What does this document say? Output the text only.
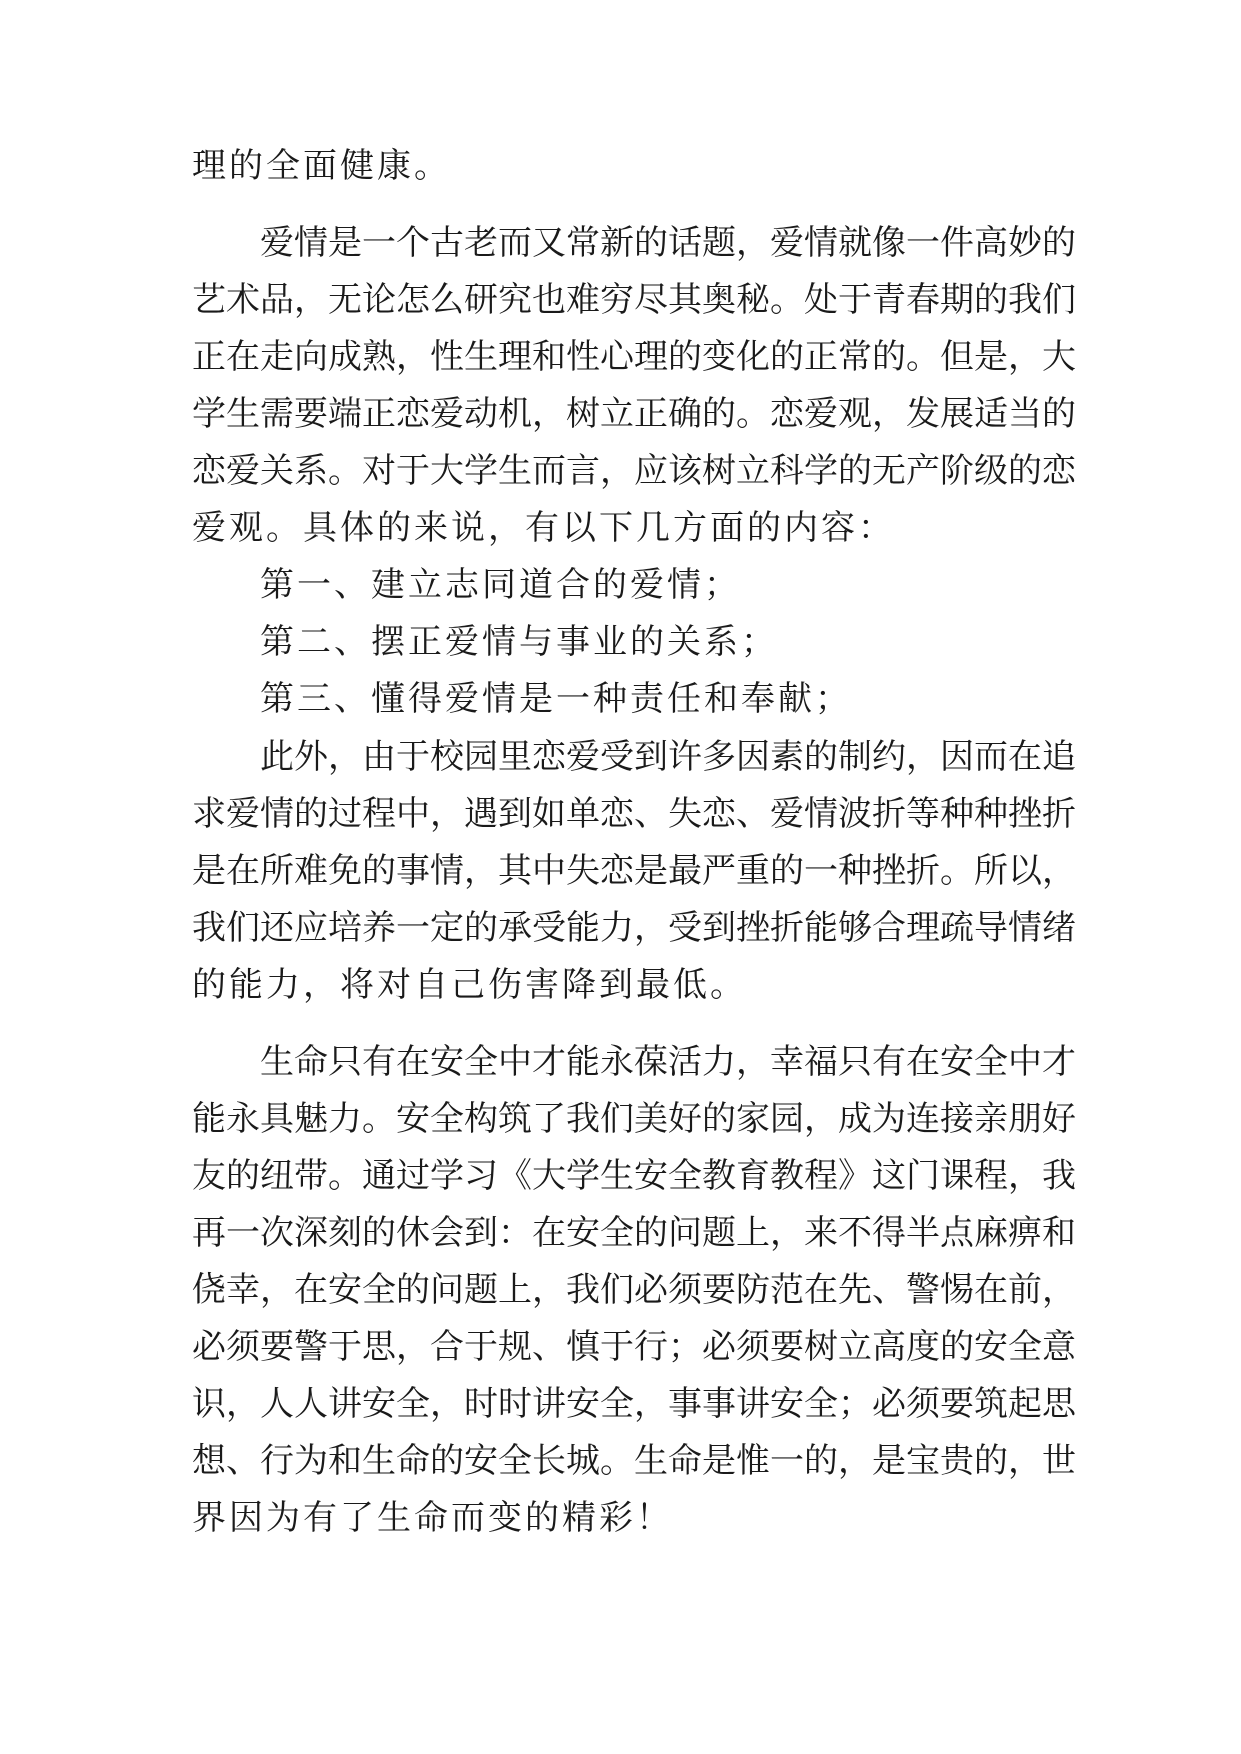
理的全面健康。
爱情是一个古老而又常新的话题，爱情就像一件高妙的
艺术品，无论怎么研究也难穷尽其奥秘。处于青春期的我们
正在走向成熟，性生理和性心理的变化的正常的。但是，大
学生需要端正恋爱动机，树立正确的。恋爱观，发展适当的
恋爱关系。对于大学生而言，应该树立科学的无产阶级的恋
爱观。具体的来说，有以下几方面的内容：
第一、建立志同道合的爱情；
第二、摆正爱情与事业的关系；
第三、懂得爱情是一种责任和奉献；
此外，由于校园里恋爱受到许多因素的制约，因而在追
求爱情的过程中，遇到如单恋、失恋、爱情波折等种种挫折
是在所难免的事情，其中失恋是最严重的一种挫折。所以，
我们还应培养一定的承受能力，受到挫折能够合理疏导情绪
的能力，将对自己伤害降到最低。
生命只有在安全中才能永葆活力，幸福只有在安全中才
能永具魅力。安全构筑了我们美好的家园，成为连接亲朋好
友的纽带。通过学习《大学生安全教育教程》这门课程，我
再一次深刻的休会到：在安全的问题上，来不得半点麻痹和
侥幸，在安全的问题上，我们必须要防范在先、警惕在前，
必须要警于思，合于规、慎于行；必须要树立高度的安全意
识，人人讲安全，时时讲安全，事事讲安全；必须要筑起思
想、行为和生命的安全长城。生命是惟一的，是宝贵的，世
界因为有了生命而变的精彩！
